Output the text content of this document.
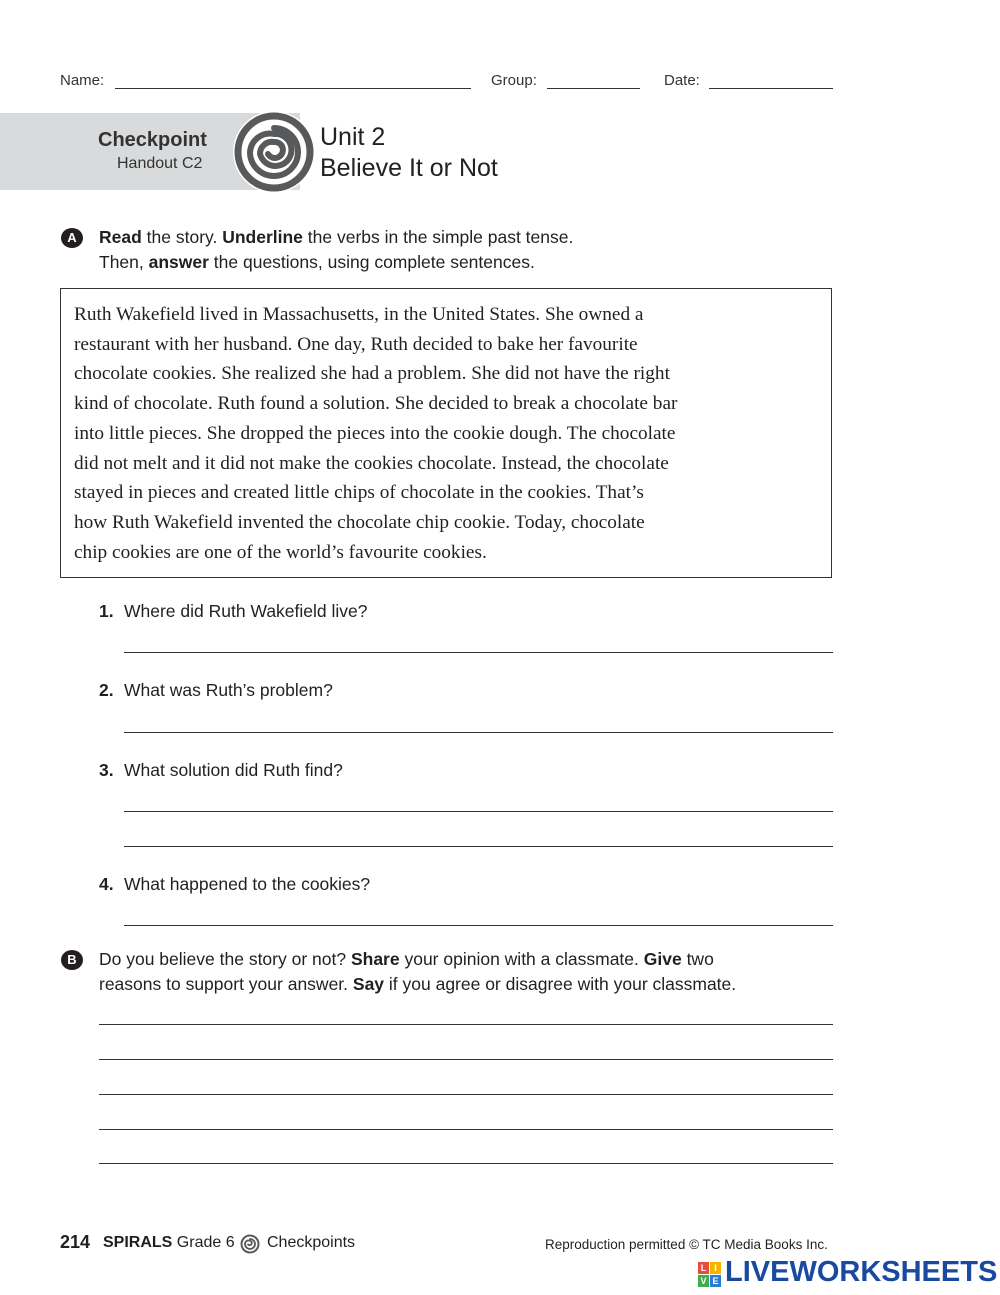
Name:	Group:	Date:
Checkpoint
Handout C2
Unit 2
Believe It or Not
A	Read the story. Underline the verbs in the simple past tense.
Then, answer the questions, using complete sentences.
Ruth Wakefield lived in Massachusetts, in the United States. She owned a
restaurant with her husband. One day, Ruth decided to bake her favourite
chocolate cookies. She realized she had a problem. She did not have the right
kind of chocolate. Ruth found a solution. She decided to break a chocolate bar
into little pieces. She dropped the pieces into the cookie dough. The chocolate
did not melt and it did not make the cookies chocolate. Instead, the chocolate
stayed in pieces and created little chips of chocolate in the cookies. That’s
how Ruth Wakefield invented the chocolate chip cookie. Today, chocolate
chip cookies are one of the world’s favourite cookies.
1. Where did Ruth Wakefield live?
2. What was Ruth’s problem?
3. What solution did Ruth find?
4. What happened to the cookies?
B	Do you believe the story or not? Share your opinion with a classmate. Give two
reasons to support your answer. Say if you agree or disagree with your classmate.
214 SPIRALS Grade 6 Checkpoints	Reproduction permitted © TC Media Books Inc.
L I
V E LIVEWORKSHEETS
